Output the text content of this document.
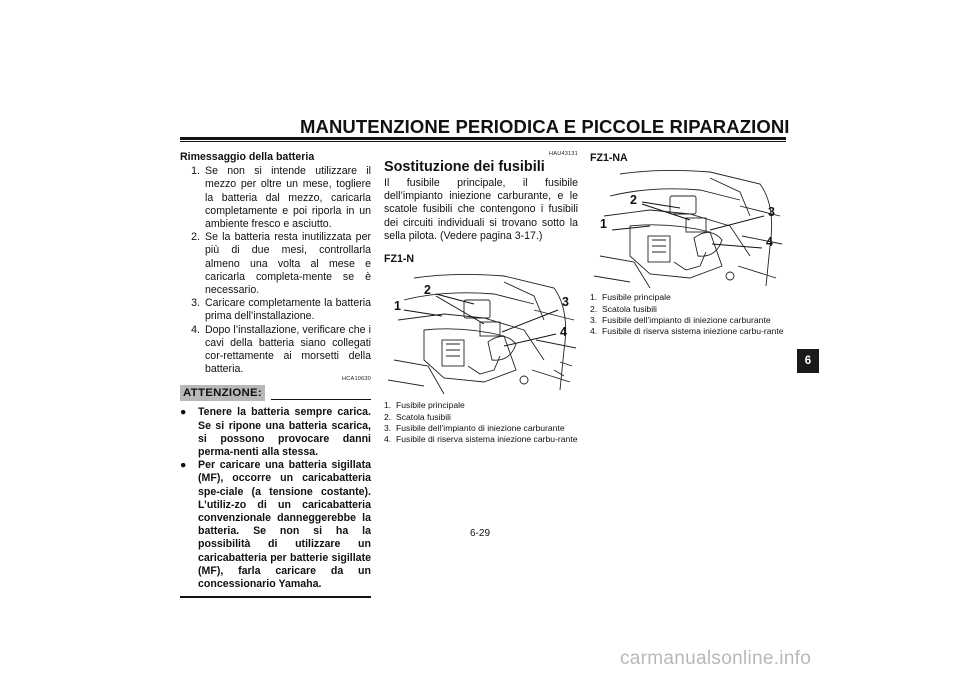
MANUTENZIONE PERIODICA E PICCOLE RIPARAZIONI
Rimessaggio della batteria
1. Se non si intende utilizzare il mezzo per oltre un mese, togliere la batteria dal mezzo, caricarla completamente e poi riporla in un ambiente fresco e asciutto.
2. Se la batteria resta inutilizzata per più di due mesi, controllarla almeno una volta al mese e caricarla completa-mente se è necessario.
3. Caricare completamente la batteria prima dell’installazione.
4. Dopo l’installazione, verificare che i cavi della batteria siano collegati cor-rettamente ai morsetti della batteria.
HCA10630
ATTENZIONE:
●	Tenere la batteria sempre carica. Se si ripone una batteria scarica, si possono provocare danni perma-nenti alla stessa.
●	Per caricare una batteria sigillata (MF), occorre un caricabatteria spe-ciale (a tensione costante). L’utiliz-zo di un caricabatteria convenzionale danneggerebbe la batteria. Se non si ha la possibilità di utilizzare un caricabatteria per batterie sigillate (MF), farla caricare da un concessionario Yamaha.
HAU43131
Sostituzione dei fusibili
Il fusibile principale, il fusibile dell’impianto iniezione carburante, e le scatole fusibili che contengono i fusibili dei circuiti individuali si trovano sotto la sella pilota. (Vedere pagina 3-17.)
FZ1-N
1
2
3
4
1. Fusibile principale
2. Scatola fusibili
3. Fusibile dell’impianto di iniezione carburante
4. Fusibile di riserva sistema iniezione carbu-rante
FZ1-NA
1
2
3
4
1. Fusibile principale
2. Scatola fusibili
3. Fusibile dell’impianto di iniezione carburante
4. Fusibile di riserva sistema iniezione carbu-rante
6
6-29
carmanualsonline.info
